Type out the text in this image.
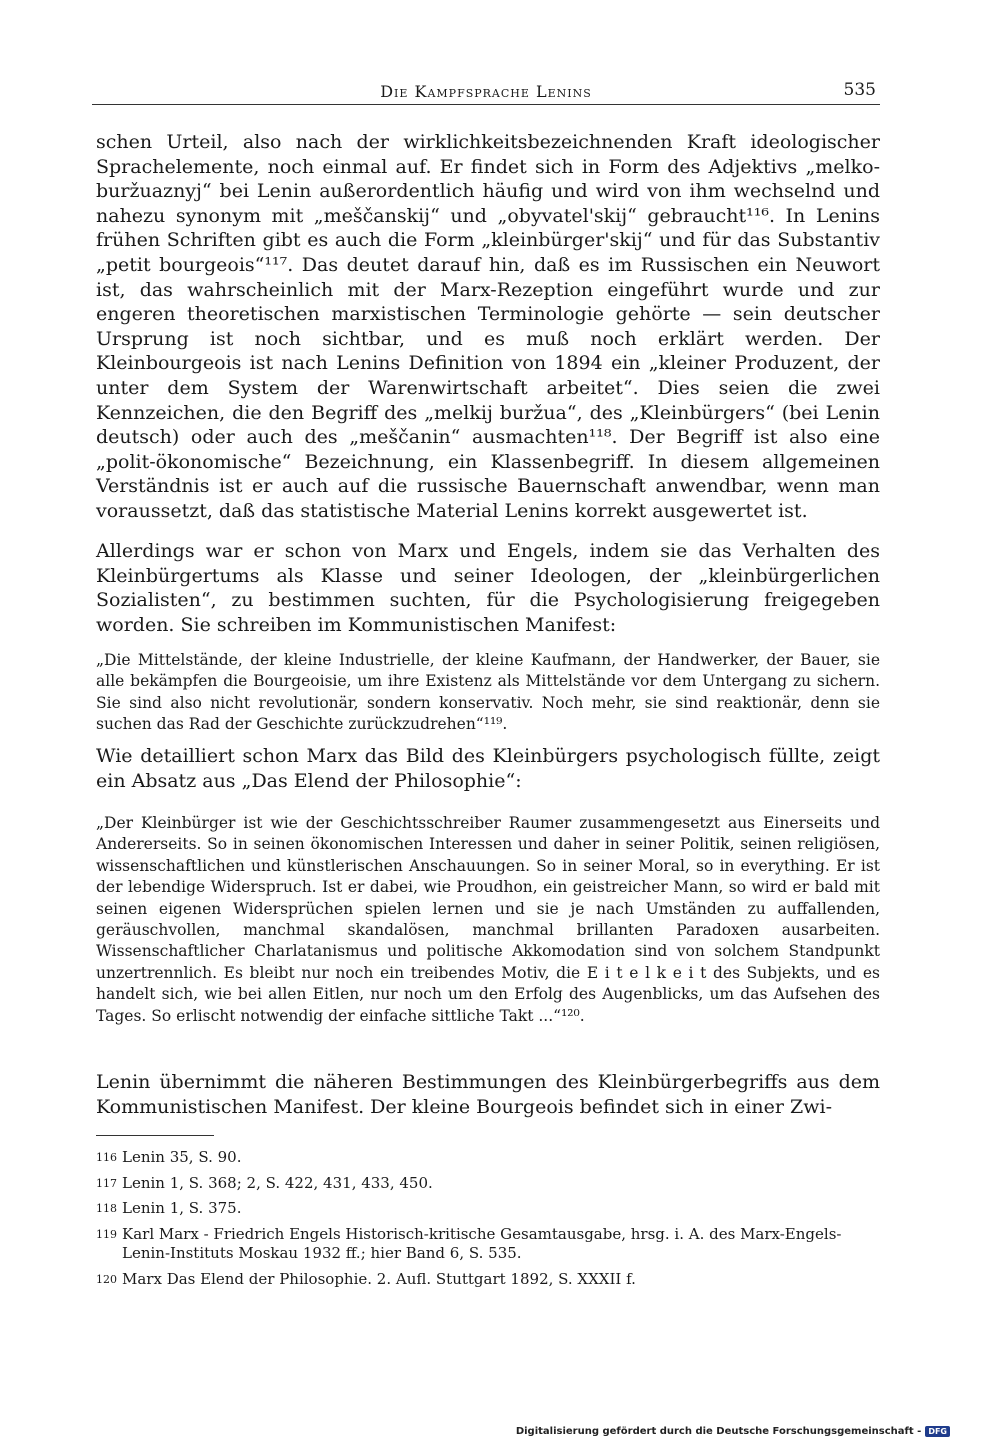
Die Kampfsprache Lenins	535

schen Urteil, also nach der wirklichkeitsbezeichnenden Kraft ideologischer Sprachelemente, noch einmal auf. Er findet sich in Form des Adjektivs „melko-buržuaznyj“ bei Lenin außerordentlich häufig und wird von ihm wechselnd und nahezu synonym mit „meščanskij“ und „obyvatel'skij“ gebraucht¹¹⁶. In Lenins frühen Schriften gibt es auch die Form „kleinbürger'skij“ und für das Substantiv „petit bourgeois“¹¹⁷. Das deutet darauf hin, daß es im Russischen ein Neuwort ist, das wahrscheinlich mit der Marx-Rezeption eingeführt wurde und zur engeren theoretischen marxistischen Terminologie gehörte — sein deutscher Ursprung ist noch sichtbar, und es muß noch erklärt werden. Der Kleinbourgeois ist nach Lenins Definition von 1894 ein „kleiner Produzent, der unter dem System der Warenwirtschaft arbeitet“. Dies seien die zwei Kennzeichen, die den Begriff des „melkij buržua“, des „Kleinbürgers“ (bei Lenin deutsch) oder auch des „meščanin“ ausmachten¹¹⁸. Der Begriff ist also eine „polit-ökonomische“ Bezeichnung, ein Klassenbegriff. In diesem allgemeinen Verständnis ist er auch auf die russische Bauernschaft anwendbar, wenn man voraussetzt, daß das statistische Material Lenins korrekt ausgewertet ist.

Allerdings war er schon von Marx und Engels, indem sie das Verhalten des Kleinbürgertums als Klasse und seiner Ideologen, der „kleinbürgerlichen Sozialisten“, zu bestimmen suchten, für die Psychologisierung freigegeben worden. Sie schreiben im Kommunistischen Manifest:

„Die Mittelstände, der kleine Industrielle, der kleine Kaufmann, der Handwerker, der Bauer, sie alle bekämpfen die Bourgeoisie, um ihre Existenz als Mittelstände vor dem Untergang zu sichern. Sie sind also nicht revolutionär, sondern konservativ. Noch mehr, sie sind reaktionär, denn sie suchen das Rad der Geschichte zurückzudrehen“¹¹⁹.

Wie detailliert schon Marx das Bild des Kleinbürgers psychologisch füllte, zeigt ein Absatz aus „Das Elend der Philosophie“:

„Der Kleinbürger ist wie der Geschichtsschreiber Raumer zusammengesetzt aus Einerseits und Andererseits. So in seinen ökonomischen Interessen und daher in seiner Politik, seinen religiösen, wissenschaftlichen und künstlerischen Anschauungen. So in seiner Moral, so in everything. Er ist der lebendige Widerspruch. Ist er dabei, wie Proudhon, ein geistreicher Mann, so wird er bald mit seinen eigenen Widersprüchen spielen lernen und sie je nach Umständen zu auffallenden, geräuschvollen, manchmal skandalösen, manchmal brillanten Paradoxen ausarbeiten. Wissenschaftlicher Charlatanismus und politische Akkomodation sind von solchem Standpunkt unzertrennlich. Es bleibt nur noch ein treibendes Motiv, die E i t e l k e i t des Subjekts, und es handelt sich, wie bei allen Eitlen, nur noch um den Erfolg des Augenblicks, um das Aufsehen des Tages. So erlischt notwendig der einfache sittliche Takt ...“¹²⁰.

Lenin übernimmt die näheren Bestimmungen des Kleinbürgerbegriffs aus dem Kommunistischen Manifest. Der kleine Bourgeois befindet sich in einer Zwi-

116 Lenin 35, S. 90.

117 Lenin 1, S. 368; 2, S. 422, 431, 433, 450.

118 Lenin 1, S. 375.

119 Karl Marx - Friedrich Engels Historisch-kritische Gesamtausgabe, hrsg. i. A. des Marx-Engels-Lenin-Instituts Moskau 1932 ff.; hier Band 6, S. 535.

120 Marx Das Elend der Philosophie. 2. Aufl. Stuttgart 1892, S. XXXII f.

Digitalisierung gefördert durch die Deutsche Forschungsgemeinschaft - DFG
